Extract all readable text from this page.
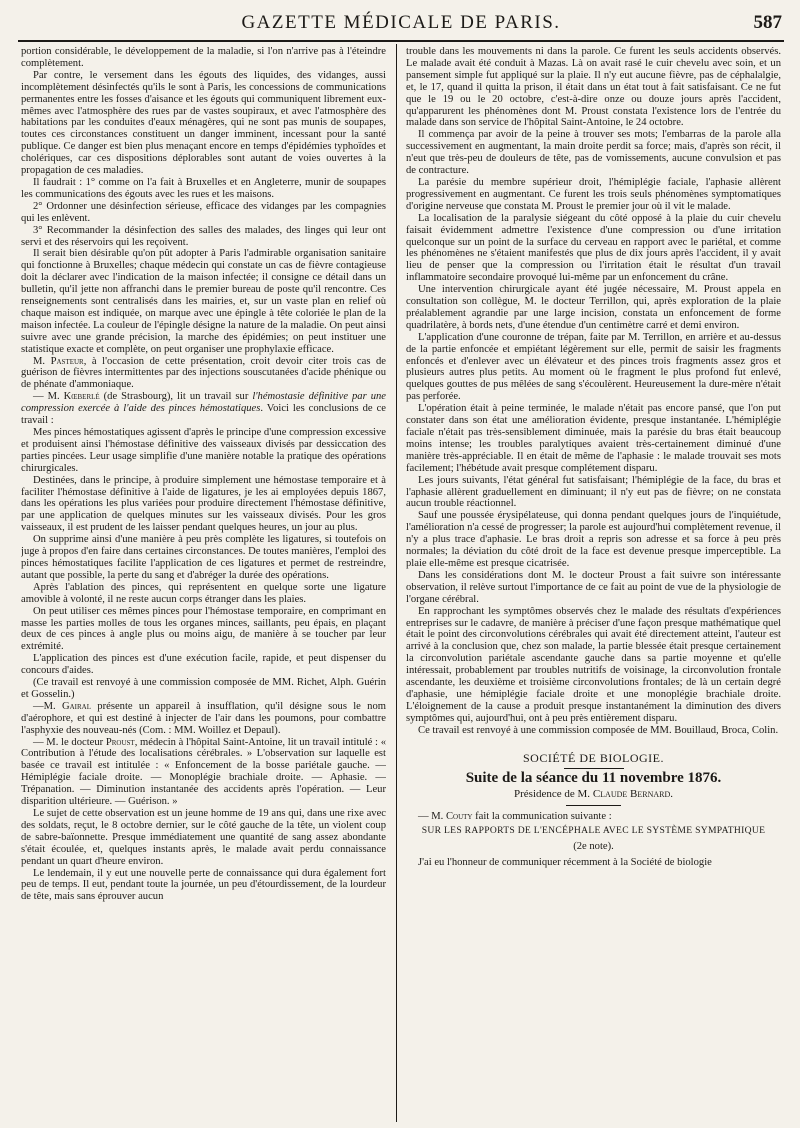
GAZETTE MÉDICALE DE PARIS.	587

portion considérable, le développement de la maladie, si l'on n'arrive pas à l'éteindre complètement.

Par contre, le versement dans les égouts des liquides, des vidanges, aussi incomplètement désinfectés qu'ils le sont à Paris, les concessions de communications permanentes entre les fosses d'aisance et les égouts qui communiquent librement eux-mêmes avec l'atmosphère des rues par de vastes soupiraux, et avec l'atmosphère des habitations par les conduites d'eaux ménagères, qui ne sont pas munis de soupapes, toutes ces circonstances constituent un danger imminent, incessant pour la santé publique. Ce danger est bien plus menaçant encore en temps d'épidémies typhoïdes et cholériques, car ces dispositions déplorables sont autant de voies ouvertes à la propagation de ces maladies.

Il faudrait : 1° comme on l'a fait à Bruxelles et en Angleterre, munir de soupapes les communications des égouts avec les rues et les maisons.

2° Ordonner une désinfection sérieuse, efficace des vidanges par les compagnies qui les enlèvent.

3° Recommander la désinfection des salles des malades, des linges qui leur ont servi et des réservoirs qui les reçoivent.

Il serait bien désirable qu'on pût adopter à Paris l'admirable organisation sanitaire qui fonctionne à Bruxelles; chaque médecin qui constate un cas de fièvre contagieuse doit la déclarer avec l'indication de la maison infectée; il consigne ce détail dans un bulletin, qu'il jette non affranchi dans le premier bureau de poste qu'il rencontre. Ces renseignements sont centralisés dans les mairies, et, sur un vaste plan en relief où chaque maison est indiquée, on marque avec une épingle à tête coloriée le plan de la maison infectée. La couleur de l'épingle désigne la nature de la maladie. On peut ainsi suivre avec une grande précision, la marche des épidémies; on peut instituer une statistique exacte et complète, on peut organiser une prophylaxie efficace.

M. Pasteur, à l'occasion de cette présentation, croit devoir citer trois cas de guérison de fièvres intermittentes par des injections souscutanées d'acide phénique ou de phénate d'ammoniaque.

— M. Kœberlé (de Strasbourg), lit un travail sur l'hémostasie définitive par une compression exercée à l'aide des pinces hémostatiques. Voici les conclusions de ce travail :

Mes pinces hémostatiques agissent d'après le principe d'une compression excessive et produisent ainsi l'hémostase définitive des vaisseaux divisés par dessiccation des parties pincées. Leur usage simplifie d'une manière notable la pratique des opérations chirurgicales.

Destinées, dans le principe, à produire simplement une hémostase temporaire et à faciliter l'hémostase définitive à l'aide de ligatures, je les ai employées depuis 1867, dans les opérations les plus variées pour produire directement l'hémostase définitive, par une application de quelques minutes sur les vaisseaux divisés. Pour les gros vaisseaux, il est prudent de les laisser pendant quelques heures, un jour au plus.

On supprime ainsi d'une manière à peu près complète les ligatures, si toutefois on juge à propos d'en faire dans certaines circonstances. De toutes manières, l'emploi des pinces hémostatiques facilite l'application de ces ligatures et permet de restreindre, autant que possible, la perte du sang et d'abréger la durée des opérations.

Après l'ablation des pinces, qui représentent en quelque sorte une ligature amovible à volonté, il ne reste aucun corps étranger dans les plaies.

On peut utiliser ces mêmes pinces pour l'hémostase temporaire, en comprimant en masse les parties molles de tous les organes minces, saillants, peu épais, en plaçant deux de ces pinces à angle plus ou moins aigu, de manière à se toucher par leur extrémité.

L'application des pinces est d'une exécution facile, rapide, et peut dispenser du concours d'aides.

(Ce travail est renvoyé à une commission composée de MM. Richet, Alph. Guérin et Gosselin.)

—M. Gairal présente un appareil à insufflation, qu'il désigne sous le nom d'aérophore, et qui est destiné à injecter de l'air dans les poumons, pour combattre l'asphyxie des nouveau-nés (Com. : MM. Woillez et Depaul).

— M. le docteur Proust, médecin à l'hôpital Saint-Antoine, lit un travail intitulé : « Contribution à l'étude des localisations cérébrales. » L'observation sur laquelle est basée ce travail est intitulée : « Enfoncement de la bosse pariétale gauche. — Hémiplégie faciale droite. — Monoplégie brachiale droite. — Aphasie. — Trépanation. — Diminution instantanée des accidents après l'opération. — Leur disparition ultérieure. — Guérison. »

Le sujet de cette observation est un jeune homme de 19 ans qui, dans une rixe avec des soldats, reçut, le 8 octobre dernier, sur le côté gauche de la tête, un violent coup de sabre-baïonnette. Presque immédiatement une quantité de sang assez abondante s'était écoulée, et, quelques instants après, le malade avait perdu connaissance pendant un quart d'heure environ.

Le lendemain, il y eut une nouvelle perte de connaissance qui dura également fort peu de temps. Il eut, pendant toute la journée, un peu d'étourdissement, de la lourdeur de tête, mais sans éprouver aucun

trouble dans les mouvements ni dans la parole. Ce furent les seuls accidents observés. Le malade avait été conduit à Mazas. Là on avait rasé le cuir chevelu avec soin, et un pansement simple fut appliqué sur la plaie. Il n'y eut aucune fièvre, pas de céphalalgie, et, le 17, quand il quitta la prison, il était dans un état tout à fait satisfaisant. Ce ne fut que le 19 ou le 20 octobre, c'est-à-dire onze ou douze jours après l'accident, qu'apparurent les phénomènes dont M. Proust constata l'existence lors de l'entrée du malade dans son service de l'hôpital Saint-Antoine, le 24 octobre.

Il commença par avoir de la peine à trouver ses mots; l'embarras de la parole alla successivement en augmentant, la main droite perdit sa force; mais, d'après son récit, il n'eut que très-peu de douleurs de tête, pas de vomissements, aucune convulsion et pas de contracture.

La parésie du membre supérieur droit, l'hémiplégie faciale, l'aphasie allèrent progressivement en augmentant. Ce furent les trois seuls phénomènes symptomatiques d'origine nerveuse que constata M. Proust le premier jour où il vit le malade.

La localisation de la paralysie siégeant du côté opposé à la plaie du cuir chevelu faisait évidemment admettre l'existence d'une compression ou d'une irritation quelconque sur un point de la surface du cerveau en rapport avec le pariétal, et comme les phénomènes ne s'étaient manifestés que plus de dix jours après l'accident, il y avait lieu de penser que la compression ou l'irritation était le résultat d'un travail inflammatoire secondaire provoqué lui-même par un enfoncement du crâne.

Une intervention chirurgicale ayant été jugée nécessaire, M. Proust appela en consultation son collègue, M. le docteur Terrillon, qui, après exploration de la plaie préalablement agrandie par une large incision, constata un enfoncement de forme quadrilatère, à bords nets, d'une étendue d'un centimètre carré et demi environ.

L'application d'une couronne de trépan, faite par M. Terrillon, en arrière et au-dessus de la partie enfoncée et empiétant légèrement sur elle, permit de saisir les fragments enfoncés et d'enlever avec un élévateur et des pinces trois fragments assez gros et plusieurs autres plus petits. Au moment où le fragment le plus profond fut enlevé, quelques gouttes de pus mêlées de sang s'écoulèrent. Heureusement la dure-mère n'était pas perforée.

L'opération était à peine terminée, le malade n'était pas encore pansé, que l'on put constater dans son état une amélioration évidente, presque instantanée. L'hémiplégie faciale n'était pas très-sensiblement diminuée, mais la parésie du bras était beaucoup moins intense; les troubles paralytiques avaient très-certainement diminué d'une manière très-appréciable. Il en était de même de l'aphasie : le malade trouvait ses mots facilement; l'hébétude avait presque complétement disparu.

Les jours suivants, l'état général fut satisfaisant; l'hémiplégie de la face, du bras et l'aphasie allèrent graduellement en diminuant; il n'y eut pas de fièvre; on ne constata aucun trouble réactionnel.

Sauf une poussée érysipélateuse, qui donna pendant quelques jours de l'inquiétude, l'amélioration n'a cessé de progresser; la parole est aujourd'hui complètement revenue, il n'y a plus trace d'aphasie. Le bras droit a repris son adresse et sa force à peu près normales; la déviation du côté droit de la face est devenue presque imperceptible. La plaie elle-même est presque cicatrisée.

Dans les considérations dont M. le docteur Proust a fait suivre son intéressante observation, il relève surtout l'importance de ce fait au point de vue de la physiologie de l'organe cérébral.

En rapprochant les symptômes observés chez le malade des résultats d'expériences entreprises sur le cadavre, de manière à préciser d'une façon presque mathématique quel était le point des circonvolutions cérébrales qui avait été directement atteint, l'auteur est arrivé à la conclusion que, chez son malade, la partie blessée était presque certainement la circonvolution pariétale ascendante gauche dans sa partie moyenne et qu'elle intéressait, probablement par troubles nutritifs de voisinage, la circonvolution frontale ascendante, les deuxième et troisième circonvolutions frontales; de là un certain degré d'aphasie, une hémiplégie faciale droite et une monoplégie brachiale droite. L'éloignement de la cause a produit presque instantanément la diminution des divers symptômes qui, aujourd'hui, ont à peu près entièrement disparu.

Ce travail est renvoyé à une commission composée de MM. Bouillaud, Broca, Colin.

SOCIÉTÉ DE BIOLOGIE.
Suite de la séance du 11 novembre 1876.
Présidence de M. Claude Bernard.

— M. Couty fait la communication suivante :

SUR LES RAPPORTS DE L'ENCÉPHALE AVEC LE SYSTÈME SYMPATHIQUE
(2e note).

J'ai eu l'honneur de communiquer récemment à la Société de biologie
